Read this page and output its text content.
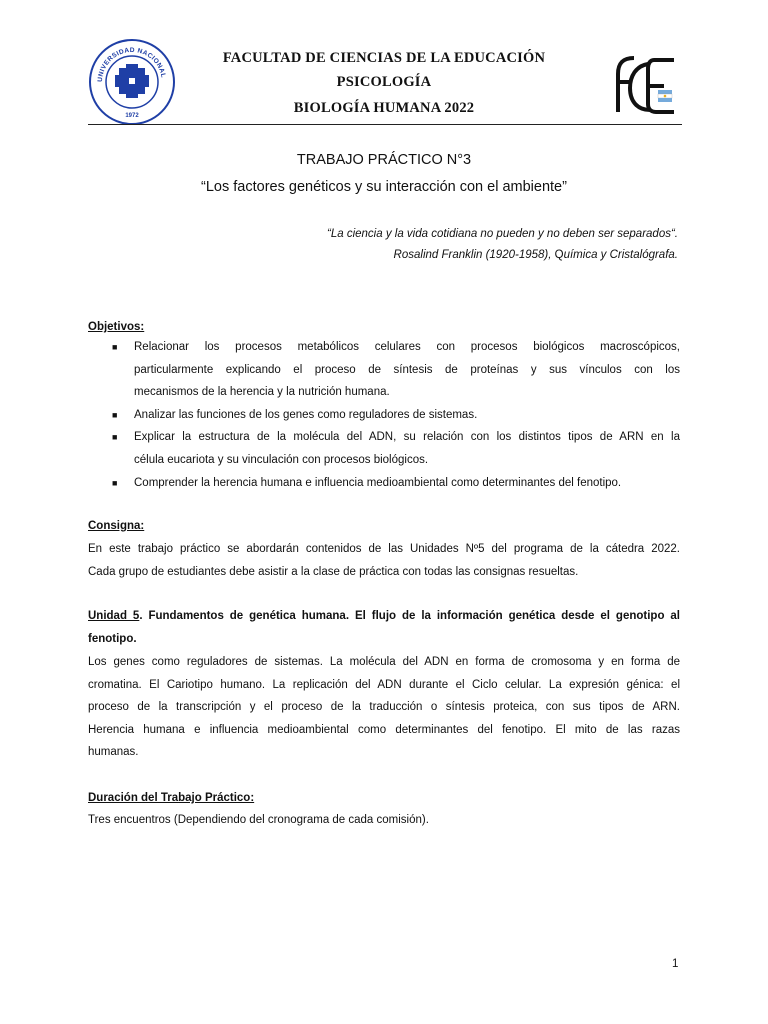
UNIVERSIDAD NACIONAL
1972
FACULTAD DE CIENCIAS DE LA EDUCACIÓN
PSICOLOGÍA
BIOLOGÍA HUMANA 2022
TRABAJO PRÁCTICO N°3
“Los factores genéticos y su interacción con el ambiente”
“La ciencia y la vida cotidiana no pueden y no deben ser separados“.
Rosalind Franklin (1920-1958), Química y Cristalógrafa.
Objetivos:
■ Relacionar los procesos metabólicos celulares con procesos biológicos macroscópicos,
particularmente explicando el proceso de síntesis de proteínas y sus vínculos con los
mecanismos de la herencia y la nutrición humana.
■ Analizar las funciones de los genes como reguladores de sistemas.
■ Explicar la estructura de la molécula del ADN, su relación con los distintos tipos de ARN en la
célula eucariota y su vinculación con procesos biológicos.
■ Comprender la herencia humana e influencia medioambiental como determinantes del fenotipo.
Consigna:
En este trabajo práctico se abordarán contenidos de las Unidades Nº5 del programa de la cátedra 2022.
Cada grupo de estudiantes debe asistir a la clase de práctica con todas las consignas resueltas.
Unidad 5. Fundamentos de genética humana. El flujo de la información genética desde el genotipo al
fenotipo.
Los genes como reguladores de sistemas. La molécula del ADN en forma de cromosoma y en forma de
cromatina. El Cariotipo humano. La replicación del ADN durante el Ciclo celular. La expresión génica: el
proceso de la transcripción y el proceso de la traducción o síntesis proteica, con sus tipos de ARN.
Herencia humana e influencia medioambiental como determinantes del fenotipo. El mito de las razas
humanas.
Duración del Trabajo Práctico:
Tres encuentros (Dependiendo del cronograma de cada comisión).
1
